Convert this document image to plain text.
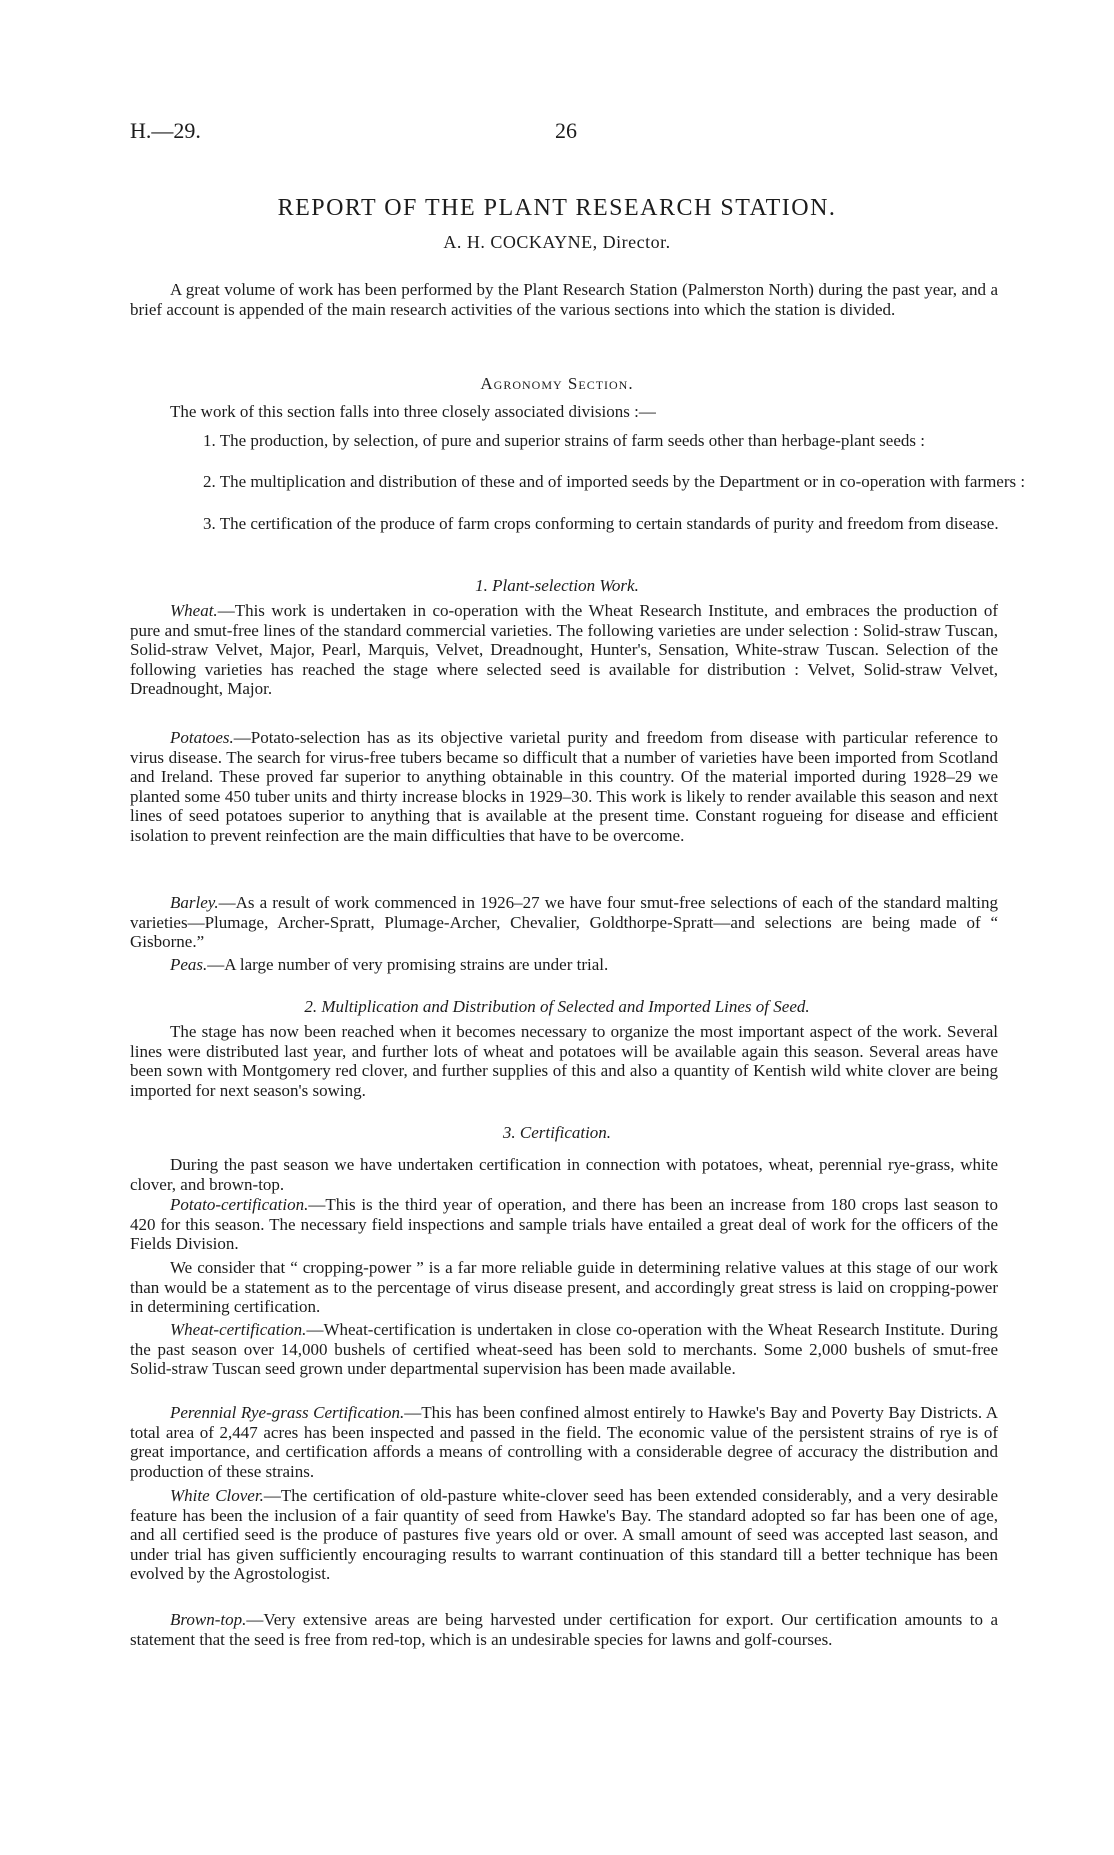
H.—29.	26
REPORT OF THE PLANT RESEARCH STATION.
A. H. COCKAYNE, Director.

A great volume of work has been performed by the Plant Research Station (Palmerston North) during the past year, and a brief account is appended of the main research activities of the various sections into which the station is divided.

Agronomy Section.

The work of this section falls into three closely associated divisions :—

1. The production, by selection, of pure and superior strains of farm seeds other than herbage-plant seeds :

2. The multiplication and distribution of these and of imported seeds by the Department or in co-operation with farmers :

3. The certification of the produce of farm crops conforming to certain standards of purity and freedom from disease.

1. Plant-selection Work.

Wheat.—This work is undertaken in co-operation with the Wheat Research Institute, and embraces the production of pure and smut-free lines of the standard commercial varieties. The following varieties are under selection : Solid-straw Tuscan, Solid-straw Velvet, Major, Pearl, Marquis, Velvet, Dreadnought, Hunter's, Sensation, White-straw Tuscan. Selection of the following varieties has reached the stage where selected seed is available for distribution : Velvet, Solid-straw Velvet, Dreadnought, Major.

Potatoes.—Potato-selection has as its objective varietal purity and freedom from disease with particular reference to virus disease. The search for virus-free tubers became so difficult that a number of varieties have been imported from Scotland and Ireland. These proved far superior to anything obtainable in this country. Of the material imported during 1928–29 we planted some 450 tuber units and thirty increase blocks in 1929–30. This work is likely to render available this season and next lines of seed potatoes superior to anything that is available at the present time. Constant rogueing for disease and efficient isolation to prevent reinfection are the main difficulties that have to be overcome.

Barley.—As a result of work commenced in 1926–27 we have four smut-free selections of each of the standard malting varieties—Plumage, Archer-Spratt, Plumage-Archer, Chevalier, Goldthorpe-Spratt—and selections are being made of “ Gisborne.”

Peas.—A large number of very promising strains are under trial.

2. Multiplication and Distribution of Selected and Imported Lines of Seed.

The stage has now been reached when it becomes necessary to organize the most important aspect of the work. Several lines were distributed last year, and further lots of wheat and potatoes will be available again this season. Several areas have been sown with Montgomery red clover, and further supplies of this and also a quantity of Kentish wild white clover are being imported for next season's sowing.

3. Certification.

During the past season we have undertaken certification in connection with potatoes, wheat, perennial rye-grass, white clover, and brown-top.

Potato-certification.—This is the third year of operation, and there has been an increase from 180 crops last season to 420 for this season. The necessary field inspections and sample trials have entailed a great deal of work for the officers of the Fields Division.

We consider that “ cropping-power ” is a far more reliable guide in determining relative values at this stage of our work than would be a statement as to the percentage of virus disease present, and accordingly great stress is laid on cropping-power in determining certification.

Wheat-certification.—Wheat-certification is undertaken in close co-operation with the Wheat Research Institute. During the past season over 14,000 bushels of certified wheat-seed has been sold to merchants. Some 2,000 bushels of smut-free Solid-straw Tuscan seed grown under departmental supervision has been made available.

Perennial Rye-grass Certification.—This has been confined almost entirely to Hawke's Bay and Poverty Bay Districts. A total area of 2,447 acres has been inspected and passed in the field. The economic value of the persistent strains of rye is of great importance, and certification affords a means of controlling with a considerable degree of accuracy the distribution and production of these strains.

White Clover.—The certification of old-pasture white-clover seed has been extended considerably, and a very desirable feature has been the inclusion of a fair quantity of seed from Hawke's Bay. The standard adopted so far has been one of age, and all certified seed is the produce of pastures five years old or over. A small amount of seed was accepted last season, and under trial has given sufficiently encouraging results to warrant continuation of this standard till a better technique has been evolved by the Agrostologist.

Brown-top.—Very extensive areas are being harvested under certification for export. Our certification amounts to a statement that the seed is free from red-top, which is an undesirable species for lawns and golf-courses.
